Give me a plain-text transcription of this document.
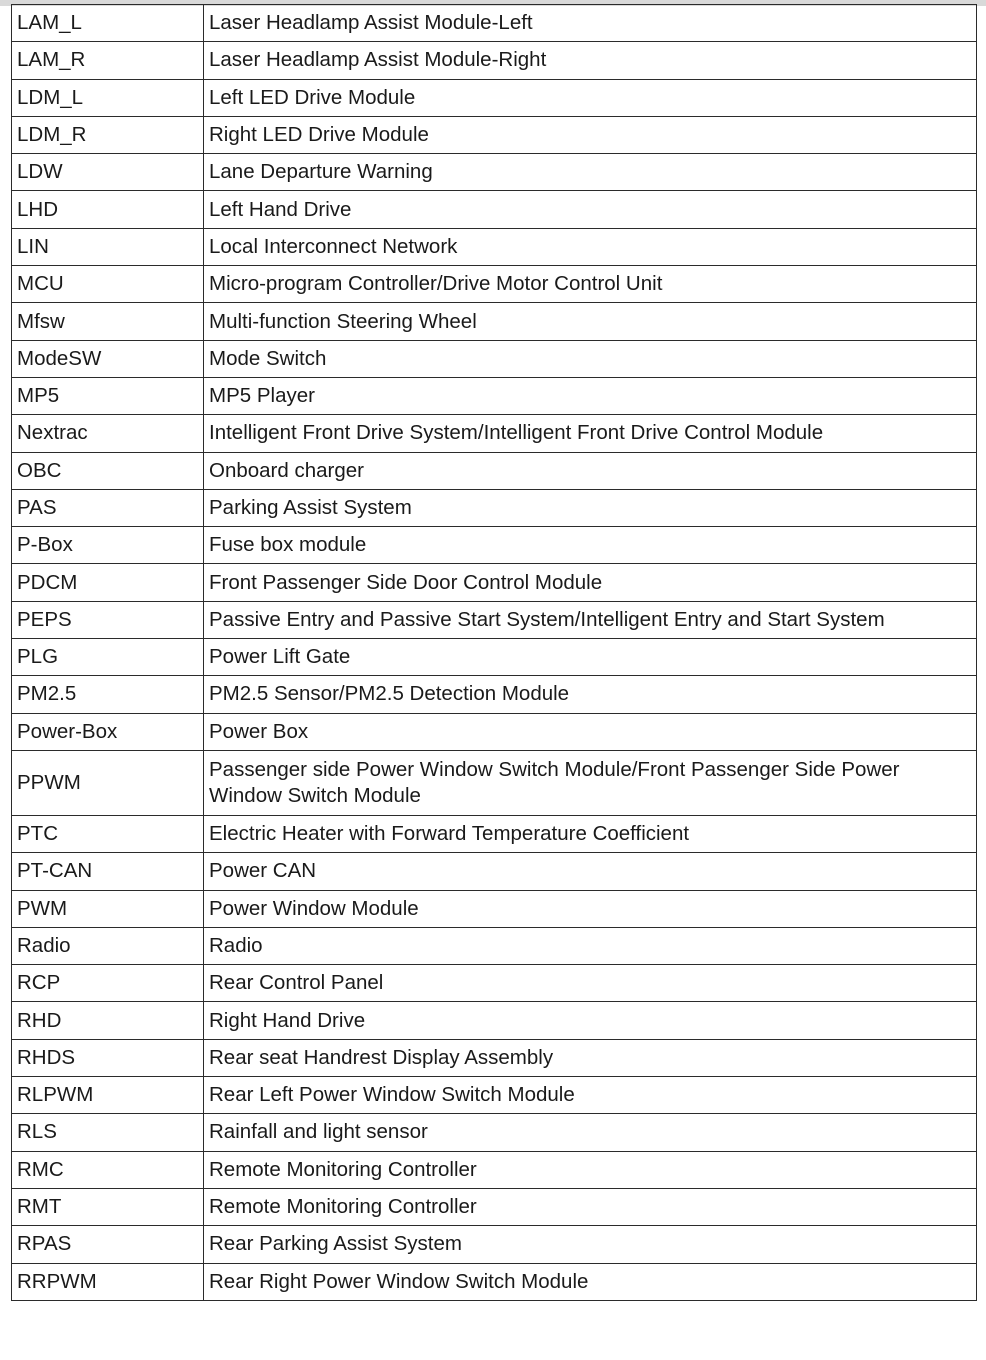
LAM_L	Laser Headlamp Assist Module-Left
LAM_R	Laser Headlamp Assist Module-Right
LDM_L	Left LED Drive Module
LDM_R	Right LED Drive Module
LDW	Lane Departure Warning
LHD	Left Hand Drive
LIN	Local Interconnect Network
MCU	Micro-program Controller/Drive Motor Control Unit
Mfsw	Multi-function Steering Wheel
ModeSW	Mode Switch
MP5	MP5 Player
Nextrac	Intelligent Front Drive System/Intelligent Front Drive Control Module
OBC	Onboard charger
PAS	Parking Assist System
P-Box	Fuse box module
PDCM	Front Passenger Side Door Control Module
PEPS	Passive Entry and Passive Start System/Intelligent Entry and Start System
PLG	Power Lift Gate
PM2.5	PM2.5 Sensor/PM2.5 Detection Module
Power-Box	Power Box
PPWM	Passenger side Power Window Switch Module/Front Passenger Side Power Window Switch Module
PTC	Electric Heater with Forward Temperature Coefficient
PT-CAN	Power CAN
PWM	Power Window Module
Radio	Radio
RCP	Rear Control Panel
RHD	Right Hand Drive
RHDS	Rear seat Handrest Display Assembly
RLPWM	Rear Left Power Window Switch Module
RLS	Rainfall and light sensor
RMC	Remote Monitoring Controller
RMT	Remote Monitoring Controller
RPAS	Rear Parking Assist System
RRPWM	Rear Right Power Window Switch Module
